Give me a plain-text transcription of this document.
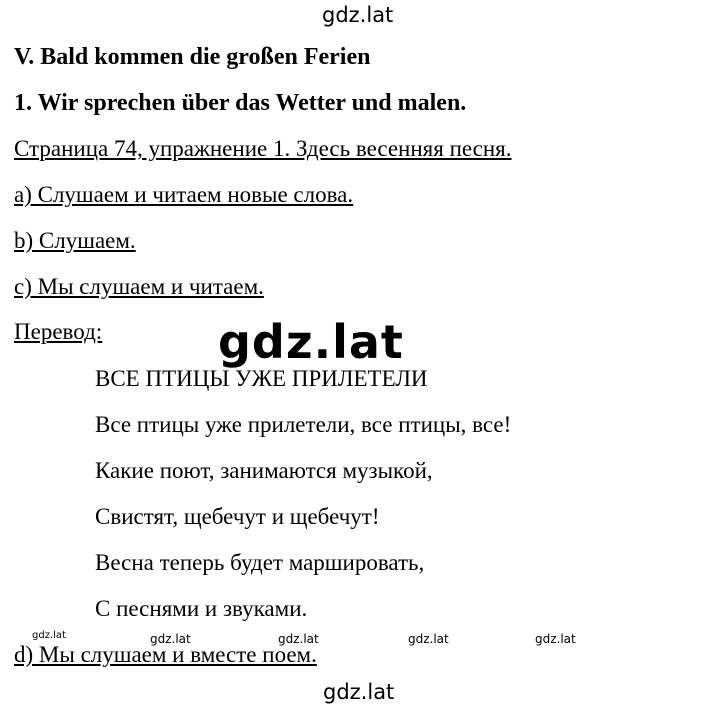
gdz.lat
V. Bald kommen die großen Ferien
1. Wir sprechen über das Wetter und malen.
Страница 74, упражнение 1. Здесь весенняя песня.
a) Слушаем и читаем новые слова.
b) Слушаем.
c) Мы слушаем и читаем.
Перевод:	gdz.lat
ВСЕ ПТИЦЫ УЖЕ ПРИЛЕТЕЛИ
Все птицы уже прилетели, все птицы, все!
Какие поют, занимаются музыкой,
Свистят, щебечут и щебечут!
Весна теперь будет маршировать,
С песнями и звуками.
gdz.lat	gdz.lat	gdz.lat	gdz.lat	gdz.lat
d) Мы слушаем и вместе поем.
gdz.lat
